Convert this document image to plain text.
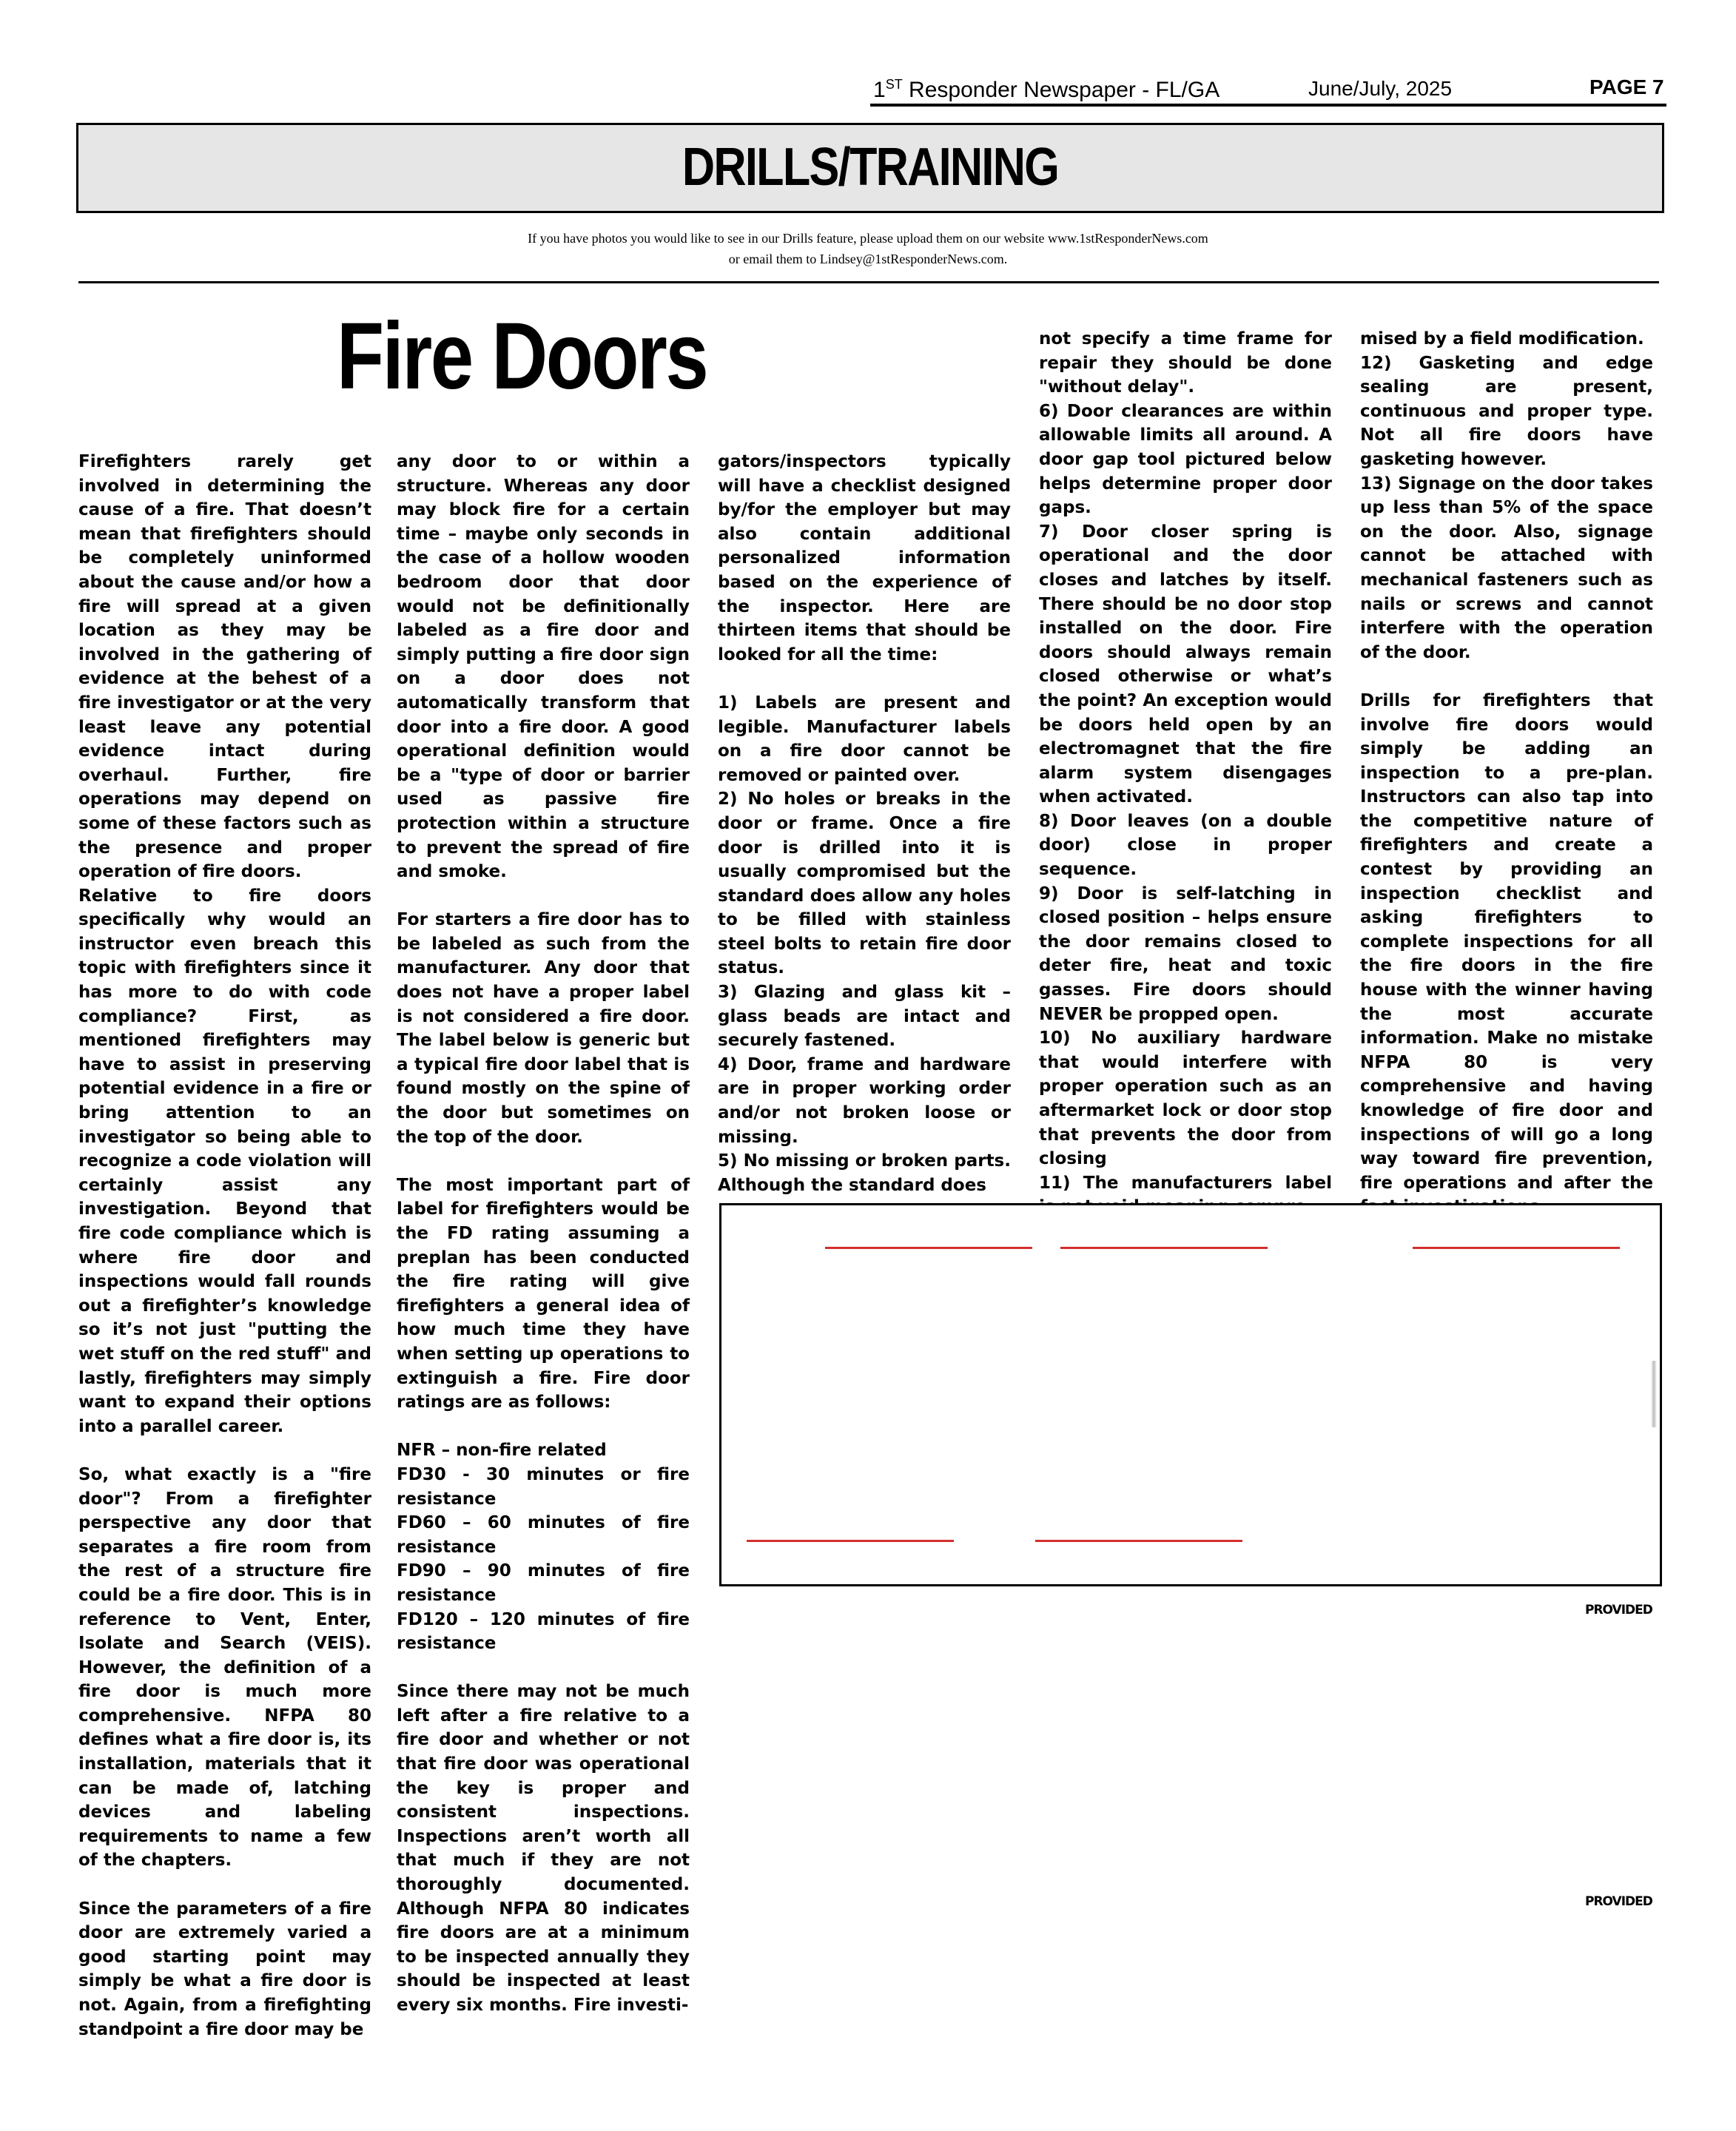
1ST Responder Newspaper - FL/GA	June/July, 2025	PAGE 7
DRILLS/TRAINING
If you have photos you would like to see in our Drills feature, please upload them on our website www.1stResponderNews.com
or email them to Lindsey@1stResponderNews.com.
Fire Doors

Firefighters rarely get involved in determining the cause of a fire. That doesn’t mean that firefighters should be completely uninformed about the cause and/or how a fire will spread at a given location as they may be involved in the gathering of evidence at the behest of a fire investigator or at the very least leave any potential evidence intact during overhaul. Further, fire operations may depend on some of these factors such as the presence and proper operation of fire doors.

Relative to fire doors specifically why would an instructor even breach this topic with firefighters since it has more to do with code compliance? First, as mentioned firefighters may have to assist in preserving potential evidence in a fire or bring attention to an investigator so being able to recognize a code violation will certainly assist any investigation. Beyond that fire code compliance which is where fire door and inspections would fall rounds out a firefighter’s knowledge so it’s not just "putting the wet stuff on the red stuff" and lastly, firefighters may simply want to expand their options into a parallel career.

So, what exactly is a "fire door"? From a firefighter perspective any door that separates a fire room from the rest of a structure fire could be a fire door. This is in reference to Vent, Enter, Isolate and Search (VEIS). However, the definition of a fire door is much more comprehensive. NFPA 80 defines what a fire door is, its installation, materials that it can be made of, latching devices and labeling requirements to name a few of the chapters.

Since the parameters of a fire door are extremely varied a good starting point may simply be what a fire door is not. Again, from a firefighting standpoint a fire door may be

any door to or within a structure. Whereas any door may block fire for a certain time – maybe only seconds in the case of a hollow wooden bedroom door that door would not be definitionally labeled as a fire door and simply putting a fire door sign on a door does not automatically transform that door into a fire door. A good operational definition would be a "type of door or barrier used as passive fire protection within a structure to prevent the spread of fire and smoke.

For starters a fire door has to be labeled as such from the manufacturer. Any door that does not have a proper label is not considered a fire door. The label below is generic but a typical fire door label that is found mostly on the spine of the door but sometimes on the top of the door.

The most important part of label for firefighters would be the FD rating assuming a preplan has been conducted the fire rating will give firefighters a general idea of how much time they have when setting up operations to extinguish a fire. Fire door ratings are as follows:

NFR – non-fire related

FD30 - 30 minutes or fire resistance

FD60 – 60 minutes of fire resistance

FD90 – 90 minutes of fire resistance

FD120 – 120 minutes of fire resistance

Since there may not be much left after a fire relative to a fire door and whether or not that fire door was operational the key is proper and consistent inspections. Inspections aren’t worth all that much if they are not thoroughly documented. Although NFPA 80 indicates fire doors are at a minimum to be inspected annually they should be inspected at least every six months. Fire investi-

gators/inspectors typically will have a checklist designed by/for the employer but may also contain additional personalized information based on the experience of the inspector. Here are thirteen items that should be looked for all the time:

1) Labels are present and legible. Manufacturer labels on a fire door cannot be removed or painted over.

2) No holes or breaks in the door or frame. Once a fire door is drilled into it is usually compromised but the standard does allow any holes to be filled with stainless steel bolts to retain fire door status.

3) Glazing and glass kit – glass beads are intact and securely fastened.

4) Door, frame and hardware are in proper working order and/or not broken loose or missing.

5) No missing or broken parts. Although the standard does

not specify a time frame for repair they should be done "without delay".

6) Door clearances are within allowable limits all around. A door gap tool pictured below helps determine proper door gaps.

7) Door closer spring is operational and the door closes and latches by itself. There should be no door stop installed on the door. Fire doors should always remain closed otherwise or what’s the point? An exception would be doors held open by an electromagnet that the fire alarm system disengages when activated.

8) Door leaves (on a double door) close in proper sequence.

9) Door is self-latching in closed position – helps ensure the door remains closed to deter fire, heat and toxic gasses. Fire doors should NEVER be propped open.

10) No auxiliary hardware that would interfere with proper operation such as an aftermarket lock or door stop that prevents the door from closing

11) The manufacturers label

mised by a field modification.

12) Gasketing and edge sealing are present, continuous and proper type. Not all fire doors have gasketing however.

13) Signage on the door takes up less than 5% of the space on the door. Also, signage cannot be attached with mechanical fasteners such as nails or screws and cannot interfere with the operation of the door.

Drills for firefighters that involve fire doors would simply be adding an inspection to a pre-plan. Instructors can also tap into the competitive nature of firefighters and create a contest by providing an inspection checklist and asking firefighters to complete inspections for all the fire doors in the fire house with the winner having the most accurate information. Make no mistake NFPA 80 is very comprehensive and having knowledge of fire door and inspections of will go a long way toward fire prevention, fire operations and after the

PROVIDED
PROVIDED
